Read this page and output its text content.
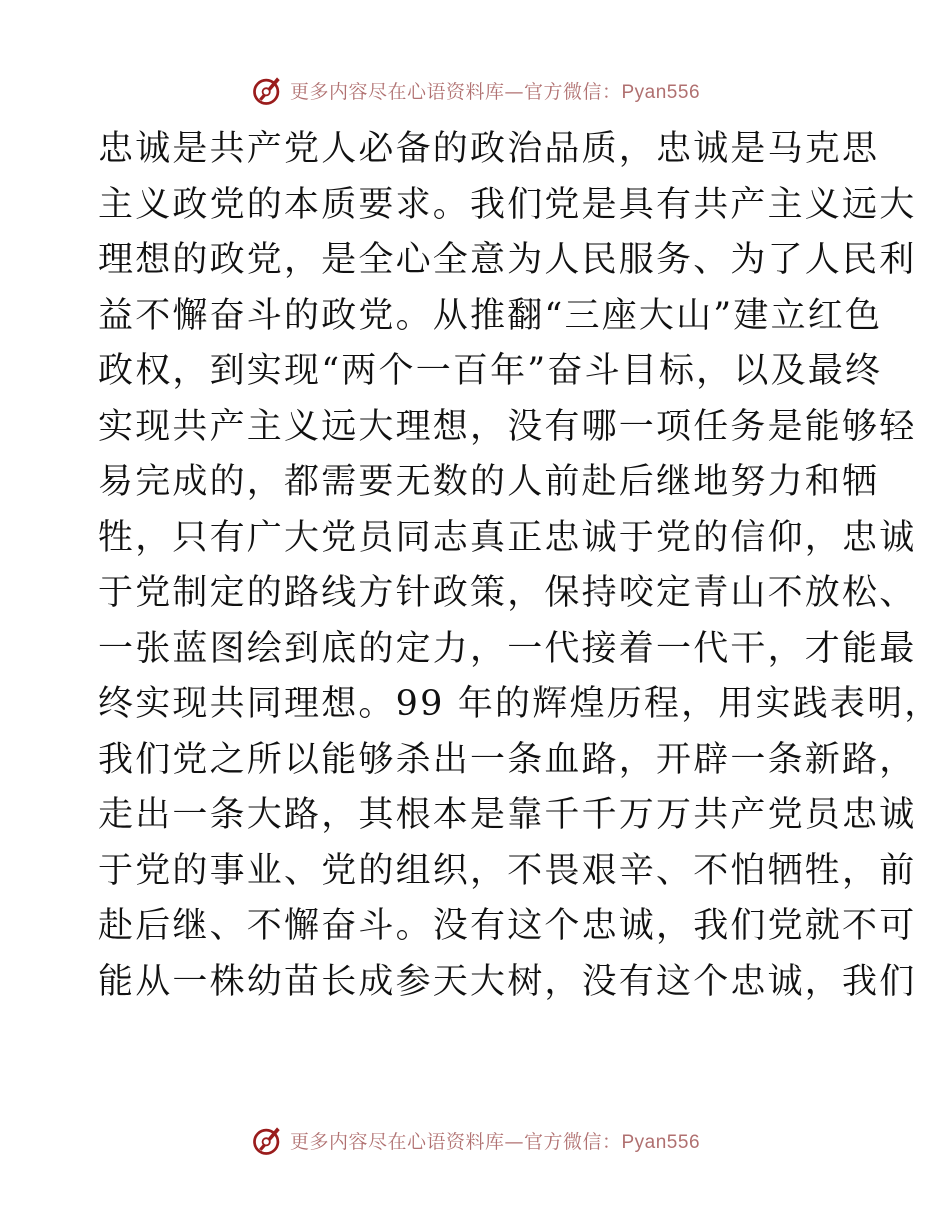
更多内容尽在心语资料库—官方微信：Pyan556
忠诚是共产党人必备的政治品质，忠诚是马克思
主义政党的本质要求。我们党是具有共产主义远大
理想的政党，是全心全意为人民服务、为了人民利
益不懈奋斗的政党。从推翻“三座大山”建立红色
政权，到实现“两个一百年”奋斗目标，以及最终
实现共产主义远大理想，没有哪一项任务是能够轻
易完成的，都需要无数的人前赴后继地努力和牺
牲，只有广大党员同志真正忠诚于党的信仰，忠诚
于党制定的路线方针政策，保持咬定青山不放松、
一张蓝图绘到底的定力，一代接着一代干，才能最
终实现共同理想。99 年的辉煌历程，用实践表明，
我们党之所以能够杀出一条血路，开辟一条新路，
走出一条大路，其根本是靠千千万万共产党员忠诚
于党的事业、党的组织，不畏艰辛、不怕牺牲，前
赴后继、不懈奋斗。没有这个忠诚，我们党就不可
能从一株幼苗长成参天大树，没有这个忠诚，我们
更多内容尽在心语资料库—官方微信：Pyan556
